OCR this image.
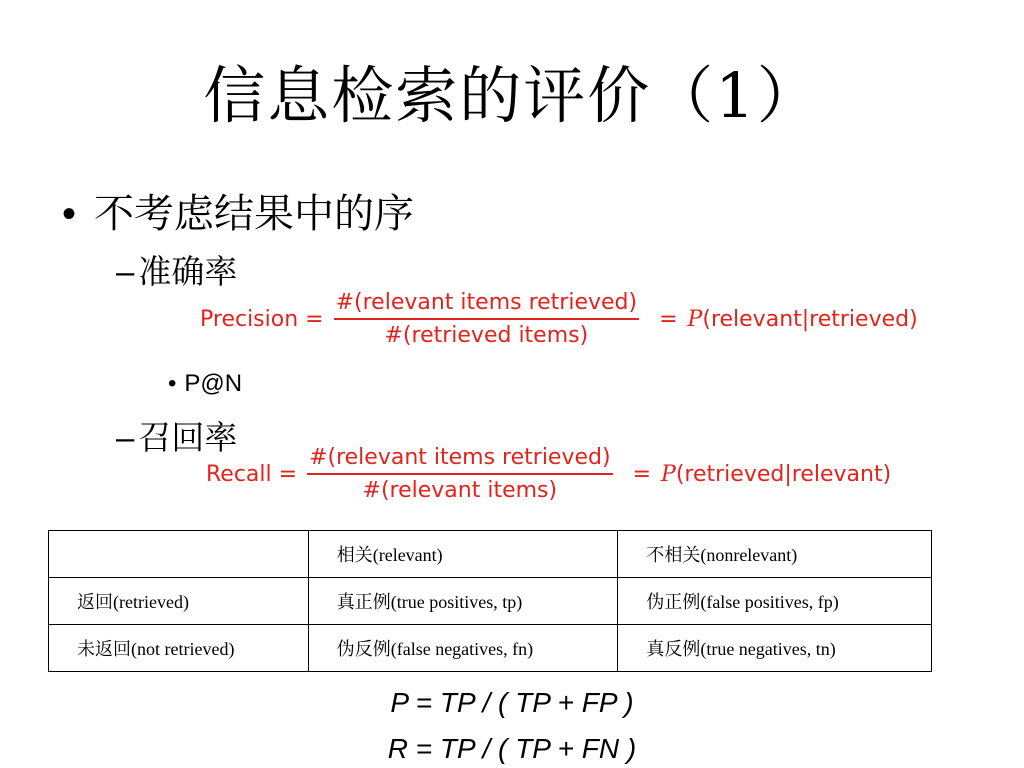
信息检索的评价（1）
• 不考虑结果中的序
– 准确率
Precision = $\frac{\text{\#(relevant items retrieved)}}{\text{\#(retrieved items)}} = P$ (relevant|retrieved)
• P@N
– 召回率
Recall = $\frac{\text{\#(relevant items retrieved)}}{\text{\#(relevant items)}} = P$ (retrieved|relevant)
	相关(relevant)	不相关(nonrelevant)
返回(retrieved)	真正例(true positives, tp)	伪正例(false positives, fp)
未返回(not retrieved)	伪反例(false negatives, fn)	真反例(true negatives, tn)
P = TP / ( TP + FP )
R = TP / ( TP + FN )
